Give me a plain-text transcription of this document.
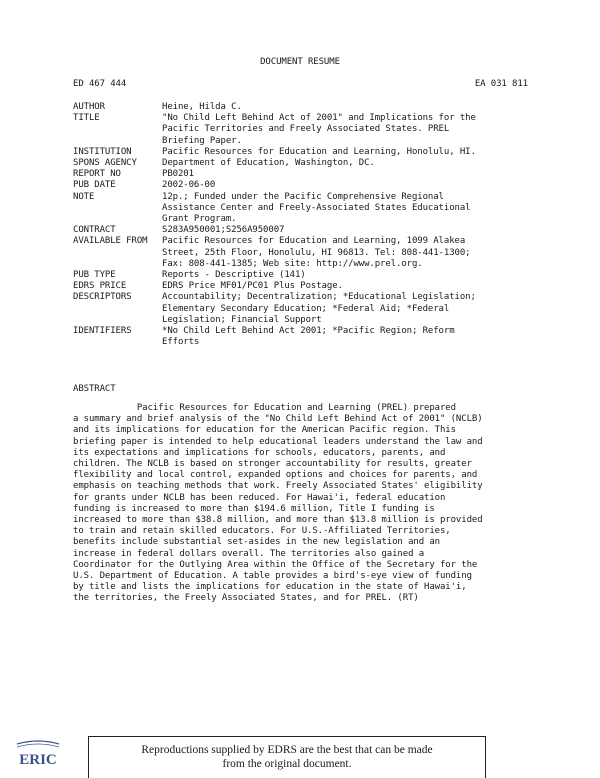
DOCUMENT RESUME
ED 467 444	EA 031 811
AUTHOR	Heine, Hilda C.
TITLE	"No Child Left Behind Act of 2001" and Implications for the
Pacific Territories and Freely Associated States. PREL
Briefing Paper.
INSTITUTION	Pacific Resources for Education and Learning, Honolulu, HI.
SPONS AGENCY	Department of Education, Washington, DC.
REPORT NO	PB0201
PUB DATE	2002-06-00
NOTE	12p.; Funded under the Pacific Comprehensive Regional
Assistance Center and Freely-Associated States Educational
Grant Program.
CONTRACT	S283A950001;S256A950007
AVAILABLE FROM	Pacific Resources for Education and Learning, 1099 Alakea
Street, 25th Floor, Honolulu, HI 96813. Tel: 808-441-1300;
Fax: 808-441-1385; Web site: http://www.prel.org.
PUB TYPE	Reports - Descriptive (141)
EDRS PRICE	EDRS Price MF01/PC01 Plus Postage.
DESCRIPTORS	Accountability; Decentralization; *Educational Legislation;
Elementary Secondary Education; *Federal Aid; *Federal
Legislation; Financial Support
IDENTIFIERS	*No Child Left Behind Act 2001; *Pacific Region; Reform
Efforts
ABSTRACT
Pacific Resources for Education and Learning (PREL) prepared
a summary and brief analysis of the "No Child Left Behind Act of 2001" (NCLB)
and its implications for education for the American Pacific region. This
briefing paper is intended to help educational leaders understand the law and
its expectations and implications for schools, educators, parents, and
children. The NCLB is based on stronger accountability for results, greater
flexibility and local control, expanded options and choices for parents, and
emphasis on teaching methods that work. Freely Associated States' eligibility
for grants under NCLB has been reduced. For Hawai'i, federal education
funding is increased to more than $194.6 million, Title I funding is
increased to more than $38.8 million, and more than $13.8 million is provided
to train and retain skilled educators. For U.S.-Affiliated Territories,
benefits include substantial set-asides in the new legislation and an
increase in federal dollars overall. The territories also gained a
Coordinator for the Outlying Area within the Office of the Secretary for the
U.S. Department of Education. A table provides a bird's-eye view of funding
by title and lists the implications for education in the state of Hawai'i,
the territories, the Freely Associated States, and for PREL. (RT)
ERIC
Reproductions supplied by EDRS are the best that can be made
from the original document.
